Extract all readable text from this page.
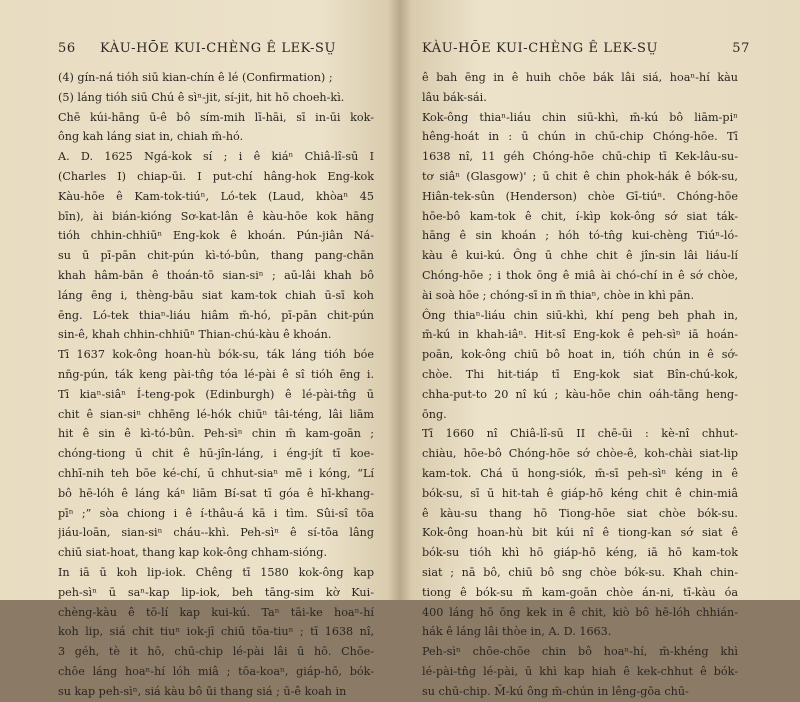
56 KÀU-HŌE KUI-CHÈNG Ê LEK-SṲ
(4) gín-ná tióh siū kian-chín ê lé (Confirmation) ;
(5) láng tióh siū Chú ê sìⁿ-jit, sí-jit, hit hō choeh-kì.
Chē kúi-hāng ū-ê bô sím-mih lī-hāi, sī in-ūi kok-
ông kah láng siat in, chiah m̄-hó.
A. D. 1625 Ngá-kok sí ; i ê kiáⁿ Chiâ-lî-sū I
(Charles I) chiap-ūi. I put-chí hâng-hok Eng-kok
Kàu-hōe ê Kam-tok-tiúⁿ, Ló-tek (Laud, khòaⁿ 45
bīn), ài bián-kióng Sơ-kat-lân ê kàu-hōe kok hāng
tióh chhin-chhiūⁿ Eng-kok ê khoán. Pún-jiân Ná-
su ū pī-pān chit-pún kì-tó-bûn, thang pang-chān
khah hâm-bān ê thoán-tō sian-siⁿ ; aū-lâi khah bô
láng ēng i, thèng-bāu siat kam-tok chiah ū-sī koh
ēng. Ló-tek thiaⁿ-liáu hiâm m̄-hó, pī-pān chit-pún
sin-ê, khah chhin-chhiūⁿ Thian-chú-kàu ê khoán.
Tī 1637 kok-ông hoan-hù bók-su, ták láng tióh bóe
nn̄g-pún, ták keng pài-tn̂g tóa lé-pài ê sî tióh ēng i.
Tī kiaⁿ-siâⁿ Í-teng-pok (Edinburgh) ê lé-pài-tn̂g ū
chit ê sian-siⁿ chhēng lé-hók chiūⁿ tâi-téng, lâi liām
hit ê sin ê kì-tó-bûn. Peh-sìⁿ chin m̄ kam-goān ;
chóng-tiong ū chit ê hū-jîn-láng, i éng-jít tī koe-
chhī-nih teh bōe ké-chí, ū chhut-siaⁿ mē i kóng, “Lí
bô hē-lóh ê láng káⁿ liām Bí-sat tī góa ê hī-khang-
pīⁿ ;” sòa chiong i ê í-thâu-á kā i tìm. Sûi-sî tōa
jiáu-loān, sian-siⁿ cháu--khì. Peh-sìⁿ ê sí-tōa lâng
chiū siat-hoat, thang kap kok-ông chham-sióng.
In iā ū koh lip-iok. Chêng tī 1580 kok-ông kap
peh-sìⁿ ū saⁿ-kap lip-iok, beh tāng-sim kờ Kui-
chèng-kàu ê tō-lí kap kui-kú. Taⁿ tāi-ke hoaⁿ-hí
koh lip, siá chit tiuⁿ iok-jī chiū tōa-tiuⁿ ; tī 1638 nî,
3 géh, tè it hō, chū-chip lé-pài lâi ū hō. Chōe-
chōe láng hoaⁿ-hí lóh miâ ; tōa-koaⁿ, giáp-hō, bók-
su kap peh-sìⁿ, siá kàu bô ūi thang siá ; ū-ê koah in
KÀU-HŌE KUI-CHÈNG Ê LEK-SṲ	57
ê bah ēng in ê huih chōe bák lâi siá, hoaⁿ-hí kàu
lâu bák-sái.
Kok-ông thiaⁿ-liáu chin siū-khì, m̄-kú bô liām-piⁿ
hêng-hoát in : ū chún in chū-chip Chóng-hōe. Tī
1638 nî, 11 géh Chóng-hōe chū-chip tī Kek-lâu-su-
tơ siâⁿ (Glasgow)' ; ū chit ê chin phok-hák ê bók-su,
Hiân-tek-sûn (Henderson) chòe Gī-tiúⁿ. Chóng-hōe
hōe-bô kam-tok ê chit, í-kìp kok-ông sớ siat ták-
hāng ê sin khoán ; hóh tó-tn̂g kui-chèng Tiúⁿ-ló-
kàu ê kui-kú. Ông ū chhe chit ê jîn-sin lâi liáu-lí
Chóng-hōe ; i thok ōng ê miâ ài chó-chí in ê sớ chòe,
ài soà hōe ; chóng-sī in m̄ thiaⁿ, chòe in khì pān.
Ông thiaⁿ-liáu chin siū-khì, khí peng beh phah in,
m̄-kú in khah-iâⁿ. Hit-sî Eng-kok ê peh-sìⁿ iā hoán-
poān, kok-ông chiū bô hoat in, tióh chún in ê sớ-
chòe. Thi hit-tiáp tī Eng-kok siat Bîn-chú-kok,
chha-put-to 20 nî kú ; kàu-hōe chin oáh-tāng heng-
ōng.
Tī 1660 nî Chiâ-lî-sū II chē-ūi : kè-nî chhut-
chiàu, hōe-bô Chóng-hōe sớ chòe-ê, koh-chài siat-lip
kam-tok. Chá ū hong-siók, m̄-sī peh-sìⁿ kéng in ê
bók-su, sī ū hit-tah ê giáp-hō kéng chit ê chin-miâ
ê kàu-su thang hō Tiong-hōe siat chòe bók-su.
Kok-ông hoan-hù bit kúi nî ê tiong-kan sớ siat ê
bók-su tióh khì hō giáp-hō kéng, iā hō kam-tok
siat ; nā bô, chiū bô sng chòe bók-su. Khah chin-
tiong ê bók-su m̄ kam-goān chòe án-ni, tī-kàu óa
400 láng hō ōng kek in ê chit, kiò bô hē-lóh chhián-
hák ê láng lâi thòe in, A. D. 1663.
Peh-sìⁿ chōe-chōe chin bô hoaⁿ-hí, m̄-khéng khì
lé-pài-tn̂g lé-pài, ū khì kap hiah ê kek-chhut ê bók-
su chū-chip. M̄-kú ông m̄-chún in lêng-gōa chū-
